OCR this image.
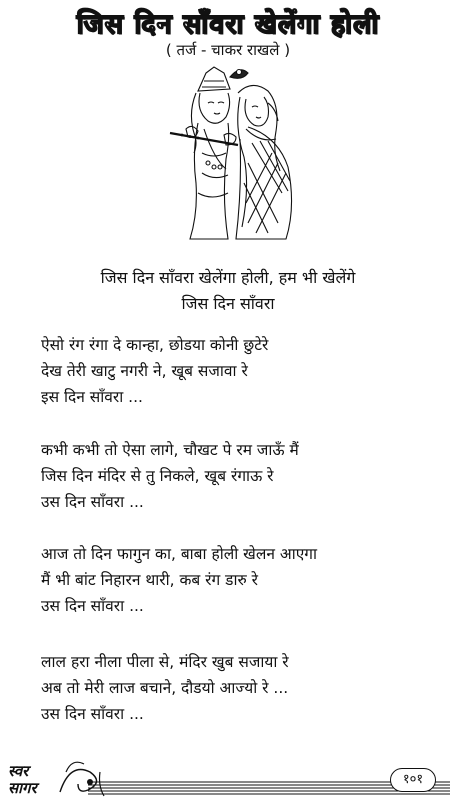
जिस दिन साँवरा खेलेंगा होली
( तर्ज - चाकर राखले )
जिस दिन साँवरा खेलेंगा होली, हम भी खेलेंगे
जिस दिन साँवरा
ऐसो रंग रंगा दे कान्हा, छोडया कोनी छुटेरे
देख तेरी खाटु नगरी ने, खूब सजावा रे
इस दिन साँवरा ...
कभी कभी तो ऐसा लागे, चौखट पे रम जाऊँ मैं
जिस दिन मंदिर से तु निकले, खूब रंगाऊ रे
उस दिन साँवरा ...
आज तो दिन फागुन का, बाबा होली खेलन आएगा
मैं भी बांट निहारन थारी, कब रंग डारु रे
उस दिन साँवरा ...
लाल हरा नीला पीला से, मंदिर खुब सजाया रे
अब तो मेरी लाज बचाने, दौडयो आज्यो रे ...
उस दिन साँवरा ...
स्वर
सागर	१०१
